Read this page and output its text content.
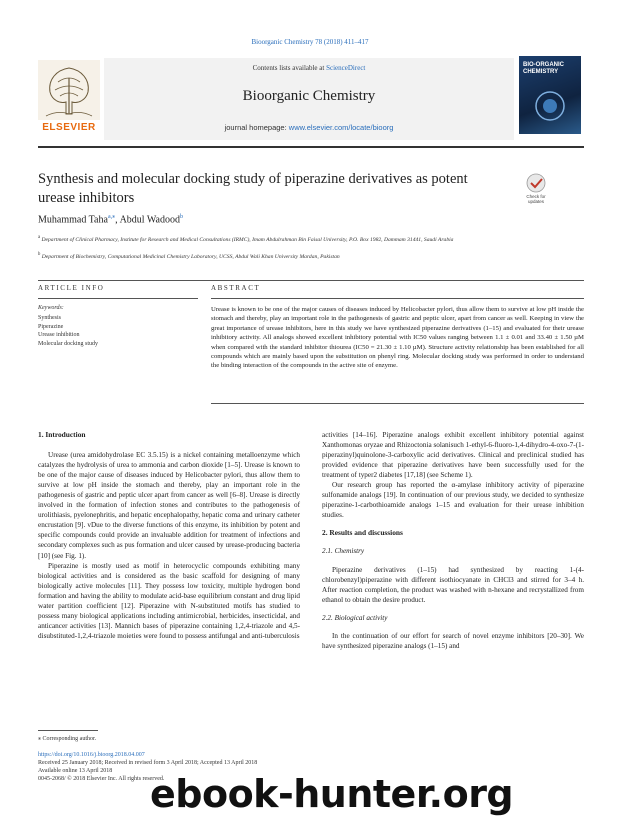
Bioorganic Chemistry 78 (2018) 411–417
Contents lists available at ScienceDirect
Bioorganic Chemistry
journal homepage: www.elsevier.com/locate/bioorg
ELSEVIER
BIO-ORGANIC CHEMISTRY
Synthesis and molecular docking study of piperazine derivatives as potent urease inhibitors	Check for updates
Muhammad Taha$^{a,⁎}$, Abdul Wadood$^b$
$^a$ Department of Clinical Pharmacy, Institute for Research and Medical Consultations (IRMC), Imam Abdulrahman Bin Faisal University, P.O. Box 1982, Dammam 31441, Saudi Arabia
$^b$ Department of Biochemistry, Computational Medicinal Chemistry Laboratory, UCSS, Abdul Wali Khan University Mardan, Pakistan
ARTICLE INFO	ABSTRACT
Keywords:
Synthesis
Piperazine
Urease inhibition
Molecular docking study
Urease is known to be one of the major causes of diseases induced by Helicobacter pylori, thus allow them to survive at low pH inside the stomach and thereby, play an important role in the pathogenesis of gastric and peptic ulcer, apart from cancer as well. Keeping in view the great importance of urease inhibitors, here in this study we have synthesized piperazine derivatives (1–15) and evaluated for their urease inhibitory activity. All analogs showed excellent inhibitory potential with IC50 values ranging between 1.1 ± 0.01 and 33.40 ± 1.50 µM when compared with the standard inhibitor thiourea (IC50 = 21.30 ± 1.10 µM). Structure activity relationship has been established for all compounds which are mainly based upon the substitution on phenyl ring. Molecular docking study was performed in order to understand the binding interaction of the compounds in the active site of enzyme.
1. Introduction

Urease (urea amidohydrolase EC 3.5.15) is a nickel containing metalloenzyme which catalyzes the hydrolysis of urea to ammonia and carbon dioxide [1–5]. Urease is known to be one of the major cause of diseases induced by Helicobacter pylori, thus allow them to survive at low pH inside the stomach and thereby, play an important role in the pathogenesis of gastric and peptic ulcer apart from cancer as well [6–8]. Urease is directly involved in the formation of infection stones and contributes to the pathogenesis of urolithiasis, pyelonephritis, and hepatic encephalopathy, hepatic coma and urinary catheter encrustation [9]. vDue to the diverse functions of this enzyme, its inhibition by potent and specific compounds could provide an invaluable addition for treatment of infections and secondary complexes such as pus formation and ulcer caused by urease-producing bacteria [10] (see Fig. 1).

Piperazine is mostly used as motif in heterocyclic compounds exhibiting many biological activities and is considered as the basic scaffold for designing of many biologically active molecules [11]. They possess low toxicity, multiple hydrogen bond formation and having the ability to modulate acid-base equilibrium constant and drug lipid water partition coefficient [12]. Piperazine with N-substituted motifs has studied to possess many biological applications including antimicrobial, herbicides, insecticidal, and anticancer activities [13]. Mannich bases of piperazine containing 1,2,4-triazole and 4,5-disubstituted-1,2,4-triazole moieties were found to possess antifungal and anti-tuberculosis

activities [14–16]. Piperazine analogs exhibit excellent inhibitory potential against Xanthomonas oryzae and Rhizoctonia solanisuch 1-ethyl-6-fluoro-1,4-dihydro-4-oxo-7-(1-piperazinyl)quinolone-3-carboxylic acid derivatives. Clinical and preclinical studied has provided evidence that piperazine derivatives have been successfully used for the treatment of typer2 diabetes [17,18] (see Scheme 1).

Our research group has reported the α-amylase inhibitory activity of piperazine sulfonamide analogs [19]. In continuation of our previous study, we decided to synthesize piperazine-1-carbothioamide analogs 1–15 and evaluation for their urease inhibition studies.

2. Results and discussions
2.1. Chemistry

Piperazine derivatives (1–15) had synthesized by reacting 1-(4-chlorobenzyl)piperazine with different isothiocyanate in CHCl3 and stirred for 3–4 h. After reaction completion, the product was washed with n-hexane and recrystallized from ethanol to obtain the desire product.

2.2. Biological activity

In the continuation of our effort for search of novel enzyme inhibitors [20–30]. We have synthesized piperazine analogs (1–15) and

⁎ Corresponding author.
https://doi.org/10.1016/j.bioorg.2018.04.007
Received 25 January 2018; Received in revised form 3 April 2018; Accepted 13 April 2018
Available online 13 April 2018
0045-2068/ © 2018 Elsevier Inc. All rights reserved.
ebook-hunter.org
